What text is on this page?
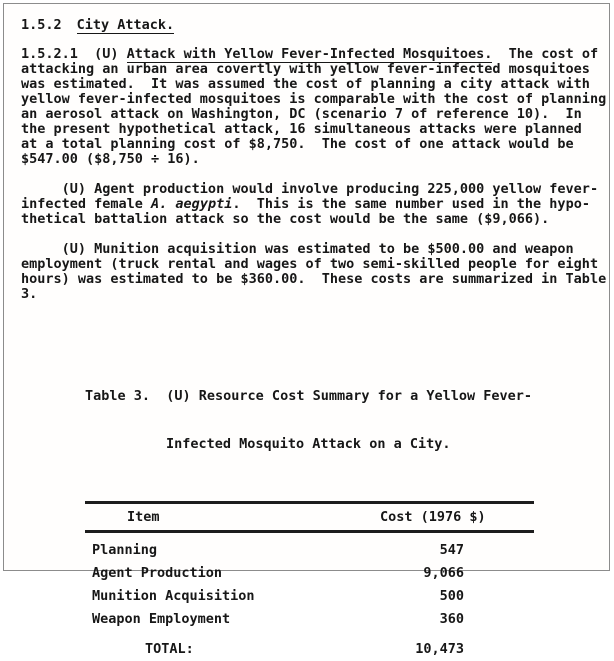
1.5.2 City Attack.
1.5.2.1  (U) Attack with Yellow Fever-Infected Mosquitoes.  The cost of
attacking an urban area covertly with yellow fever-infected mosquitoes
was estimated.  It was assumed the cost of planning a city attack with
yellow fever-infected mosquitoes is comparable with the cost of planning
an aerosol attack on Washington, DC (scenario 7 of reference 10).  In
the present hypothetical attack, 16 simultaneous attacks were planned
at a total planning cost of $8,750.  The cost of one attack would be
$547.00 ($8,750 ÷ 16).
(U) Agent production would involve producing 225,000 yellow fever-
infected female A. aegypti.  This is the same number used in the hypo-
thetical battalion attack so the cost would be the same ($9,066).
(U) Munition acquisition was estimated to be $500.00 and weapon
employment (truck rental and wages of two semi-skilled people for eight
hours) was estimated to be $360.00.  These costs are summarized in Table
3.

Table 3.  (U) Resource Cost Summary for a Yellow Fever-

Infected Mosquito Attack on a City.

Item	Cost (1976 $)
Planning	547
Agent Production	9,066
Munition Acquisition	500
Weapon Employment	360
TOTAL:	10,473
